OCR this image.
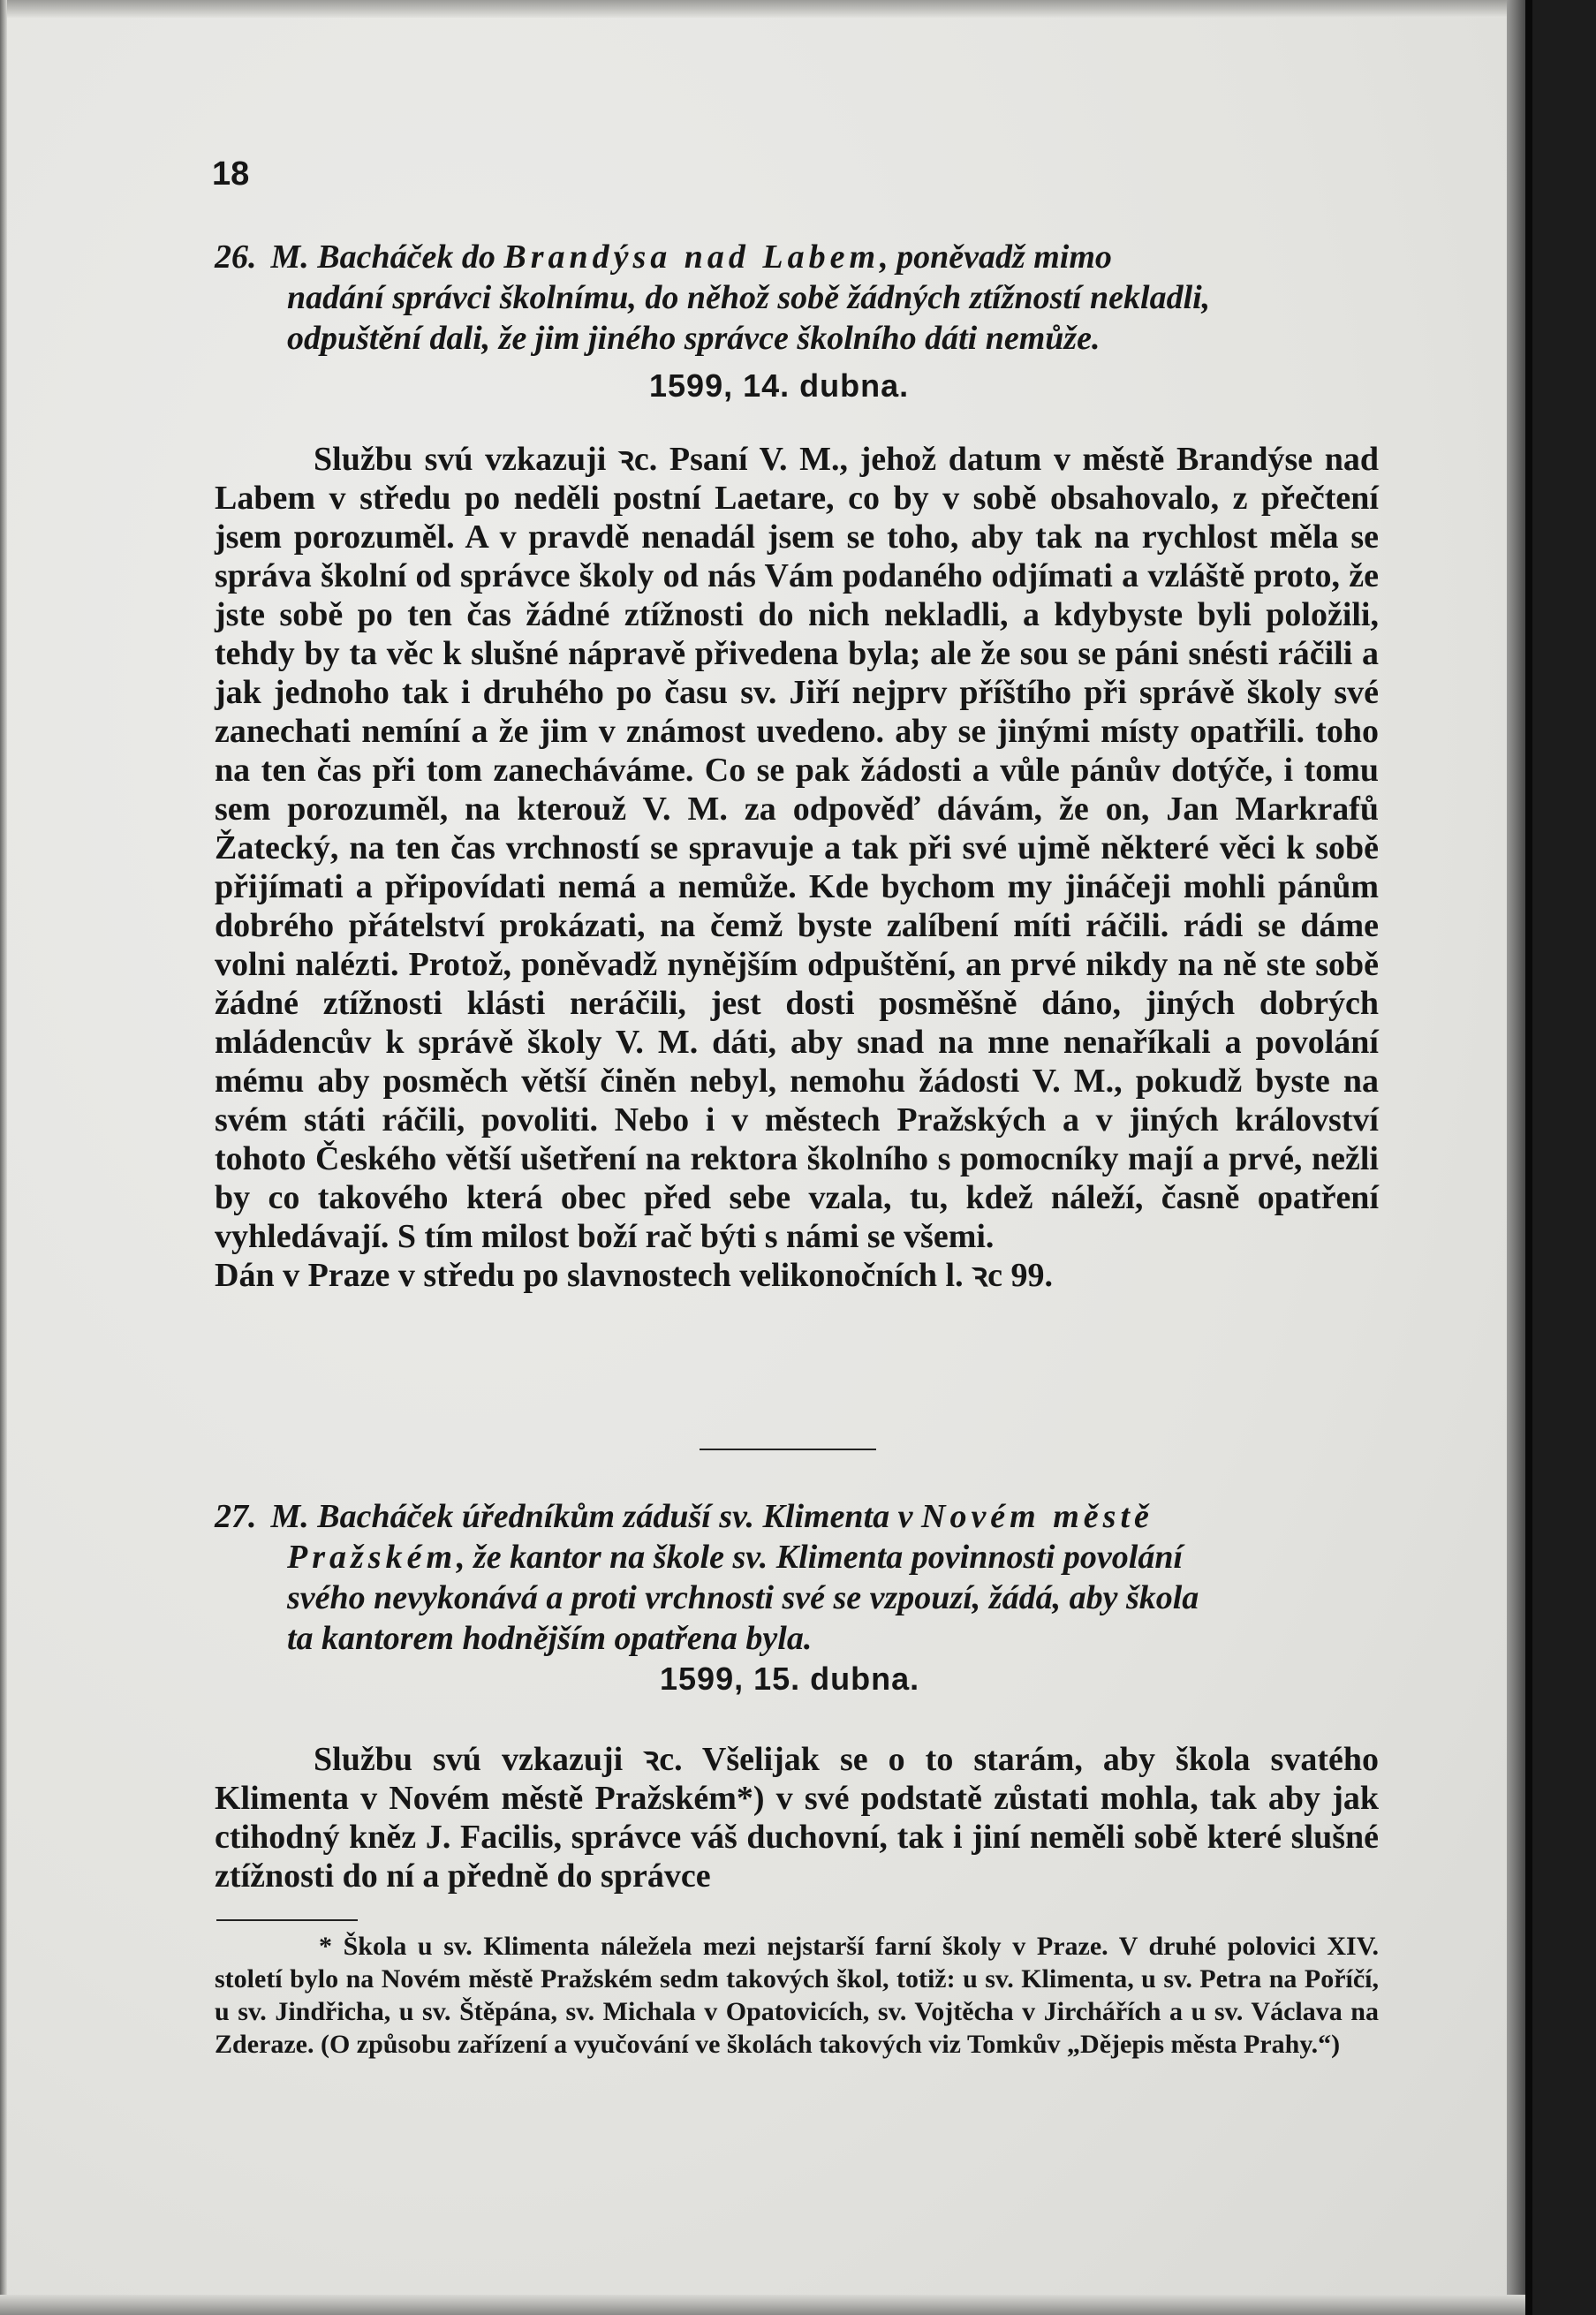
18
26. M. Bacháček do Brandýsa nad Labem, poněvadž mimo
nadání správci školnímu, do něhož sobě žádných ztížností nekladli,
odpuštění dali, že jim jiného správce školního dáti nemůže.
1599, 14. dubna.

Službu svú vzkazuji ꝛc. Psaní V. M., jehož datum v městě Brandýse nad Labem v středu po neděli postní Laetare, co by v sobě obsahovalo, z přečtení jsem porozuměl. A v pravdě nenadál jsem se toho, aby tak na rychlost měla se správa školní od správce školy od nás Vám podaného odjímati a vzláště proto, že jste sobě po ten čas žádné ztížnosti do nich nekladli, a kdybyste byli položili, tehdy by ta věc k slušné nápravě přivedena byla; ale že sou se páni snésti ráčili a jak jednoho tak i druhého po času sv. Jiří nejprv příštího při správě školy své zanechati nemíní a že jim v známost uvedeno. aby se jinými místy opatřili. toho na ten čas při tom zanecháváme. Co se pak žádosti a vůle pánův dotýče, i tomu sem porozuměl, na kterouž V. M. za odpověď dávám, že on, Jan Markrafů Žatecký, na ten čas vrchností se spravuje a tak při své ujmě některé věci k sobě přijímati a připovídati nemá a nemůže. Kde bychom my jináčeji mohli pánům dobrého přátelství prokázati, na čemž byste zalíbení míti ráčili. rádi se dáme volni nalézti. Protož, poněvadž nynějším odpuštění, an prvé nikdy na ně ste sobě žádné ztížnosti klásti neráčili, jest dosti posměšně dáno, jiných dobrých mládencův k správě školy V. M. dáti, aby snad na mne nenaříkali a povolání mému aby posměch větší činěn nebyl, nemohu žádosti V. M., pokudž byste na svém státi ráčili, povoliti. Nebo i v městech Pražských a v jiných království tohoto Českého větší ušetření na rektora školního s pomocníky mají a prvé, nežli by co takového která obec před sebe vzala, tu, kdež náleží, časně opatření vyhledávají. S tím milost boží rač býti s námi se všemi.

Dán v Praze v středu po slavnostech velikonočních l. ꝛc 99.
27. M. Bacháček úředníkům záduší sv. Klimenta v Novém městě
Pražském, že kantor na škole sv. Klimenta povinnosti povolání
svého nevykonává a proti vrchnosti své se vzpouzí, žádá, aby škola
ta kantorem hodnějším opatřena byla.
1599, 15. dubna.

Službu svú vzkazuji ꝛc. Všelijak se o to starám, aby škola svatého Klimenta v Novém městě Pražském*) v své podstatě zůstati mohla, tak aby jak ctihodný kněz J. Facilis, správce váš duchovní, tak i jiní neměli sobě které slušné ztížnosti do ní a předně do správce

* Škola u sv. Klimenta náležela mezi nejstarší farní školy v Praze. V druhé polovici XIV. století bylo na Novém městě Pražském sedm takových škol, totiž: u sv. Klimenta, u sv. Petra na Poříčí, u sv. Jindřicha, u sv. Štěpána, sv. Michala v Opatovicích, sv. Vojtěcha v Jirchářích a u sv. Václava na Zderaze. (O způsobu zařízení a vyučování ve školách takových viz Tomkův „Dějepis města Prahy.“)
